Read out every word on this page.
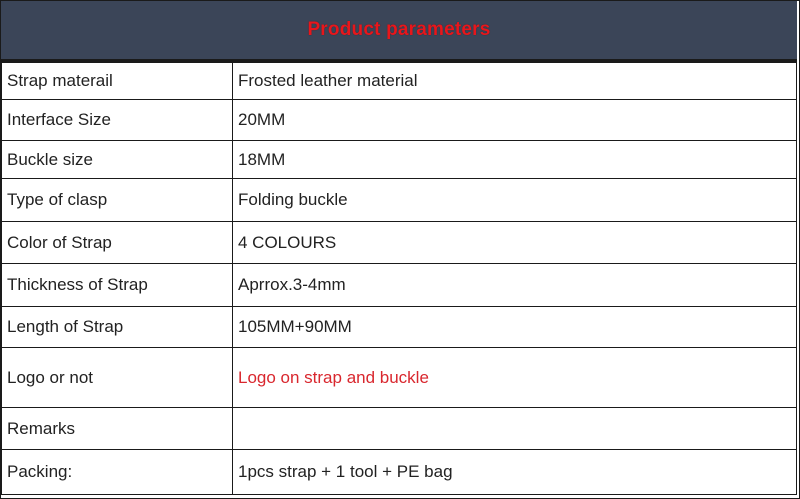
Product parameters
Strap materail	Frosted leather material
Interface Size	20MM
Buckle size	18MM
Type of clasp	Folding buckle
Color of Strap	4 COLOURS
Thickness of Strap	Aprrox.3-4mm
Length of Strap	105MM+90MM
Logo or not	Logo on strap and buckle
Remarks	
Packing:	1pcs strap + 1 tool + PE bag
